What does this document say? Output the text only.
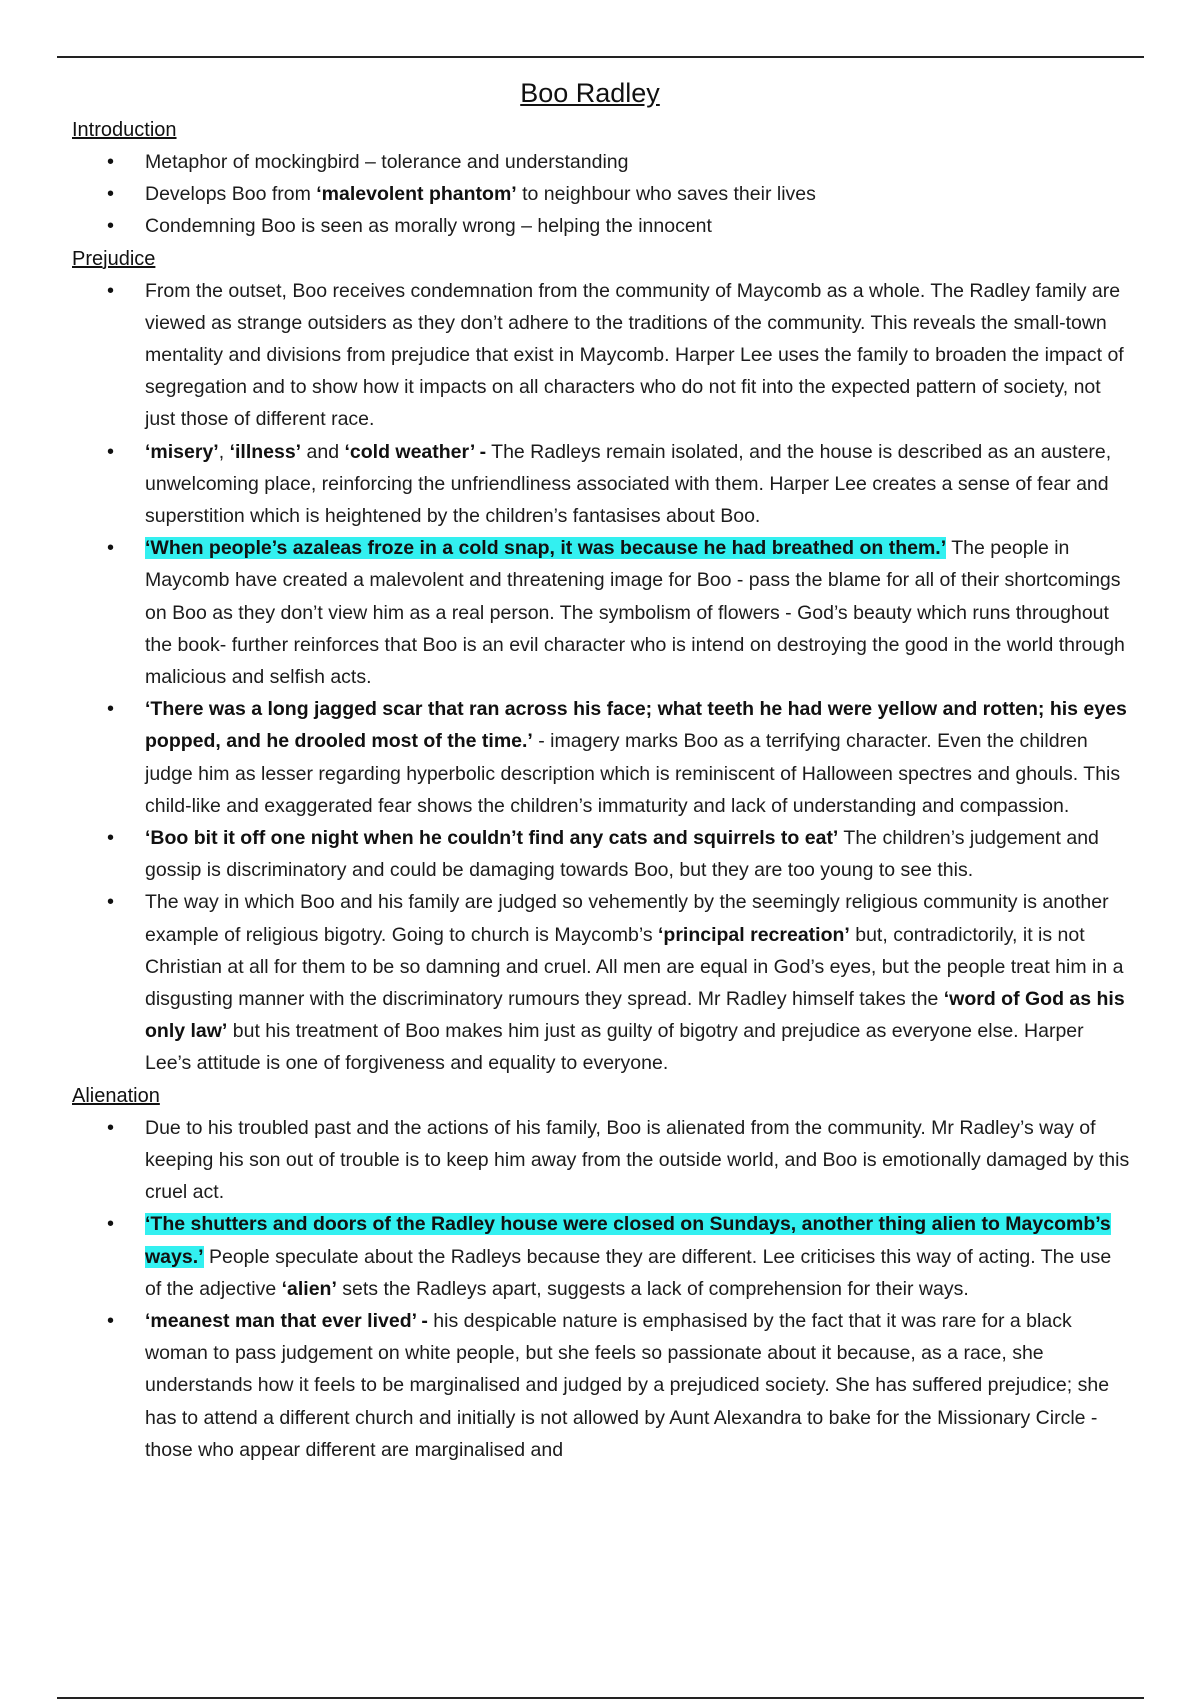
Boo Radley
Introduction
• Metaphor of mockingbird – tolerance and understanding
• Develops Boo from ‘malevolent phantom’ to neighbour who saves their lives
• Condemning Boo is seen as morally wrong – helping the innocent
Prejudice
• From the outset, Boo receives condemnation from the community of Maycomb as a whole. The Radley family are viewed as strange outsiders as they don’t adhere to the traditions of the community. This reveals the small-town mentality and divisions from prejudice that exist in Maycomb. Harper Lee uses the family to broaden the impact of segregation and to show how it impacts on all characters who do not fit into the expected pattern of society, not just those of different race.
• ‘misery’, ‘illness’ and ‘cold weather’ - The Radleys remain isolated, and the house is described as an austere, unwelcoming place, reinforcing the unfriendliness associated with them. Harper Lee creates a sense of fear and superstition which is heightened by the children’s fantasises about Boo.
• ‘When people’s azaleas froze in a cold snap, it was because he had breathed on them.’ The people in Maycomb have created a malevolent and threatening image for Boo - pass the blame for all of their shortcomings on Boo as they don’t view him as a real person. The symbolism of flowers - God’s beauty which runs throughout the book- further reinforces that Boo is an evil character who is intend on destroying the good in the world through malicious and selfish acts.
• ‘There was a long jagged scar that ran across his face; what teeth he had were yellow and rotten; his eyes popped, and he drooled most of the time.’ - imagery marks Boo as a terrifying character. Even the children judge him as lesser regarding hyperbolic description which is reminiscent of Halloween spectres and ghouls. This child-like and exaggerated fear shows the children’s immaturity and lack of understanding and compassion.
• ‘Boo bit it off one night when he couldn’t find any cats and squirrels to eat’ The children’s judgement and gossip is discriminatory and could be damaging towards Boo, but they are too young to see this.
• The way in which Boo and his family are judged so vehemently by the seemingly religious community is another example of religious bigotry. Going to church is Maycomb’s ‘principal recreation’ but, contradictorily, it is not Christian at all for them to be so damning and cruel. All men are equal in God’s eyes, but the people treat him in a disgusting manner with the discriminatory rumours they spread. Mr Radley himself takes the ‘word of God as his only law’ but his treatment of Boo makes him just as guilty of bigotry and prejudice as everyone else. Harper Lee’s attitude is one of forgiveness and equality to everyone.
Alienation
• Due to his troubled past and the actions of his family, Boo is alienated from the community. Mr Radley’s way of keeping his son out of trouble is to keep him away from the outside world, and Boo is emotionally damaged by this cruel act.
• ‘The shutters and doors of the Radley house were closed on Sundays, another thing alien to Maycomb’s ways.’ People speculate about the Radleys because they are different. Lee criticises this way of acting. The use of the adjective ‘alien’ sets the Radleys apart, suggests a lack of comprehension for their ways.
• ‘meanest man that ever lived’ - his despicable nature is emphasised by the fact that it was rare for a black woman to pass judgement on white people, but she feels so passionate about it because, as a race, she understands how it feels to be marginalised and judged by a prejudiced society. She has suffered prejudice; she has to attend a different church and initially is not allowed by Aunt Alexandra to bake for the Missionary Circle - those who appear different are marginalised and
